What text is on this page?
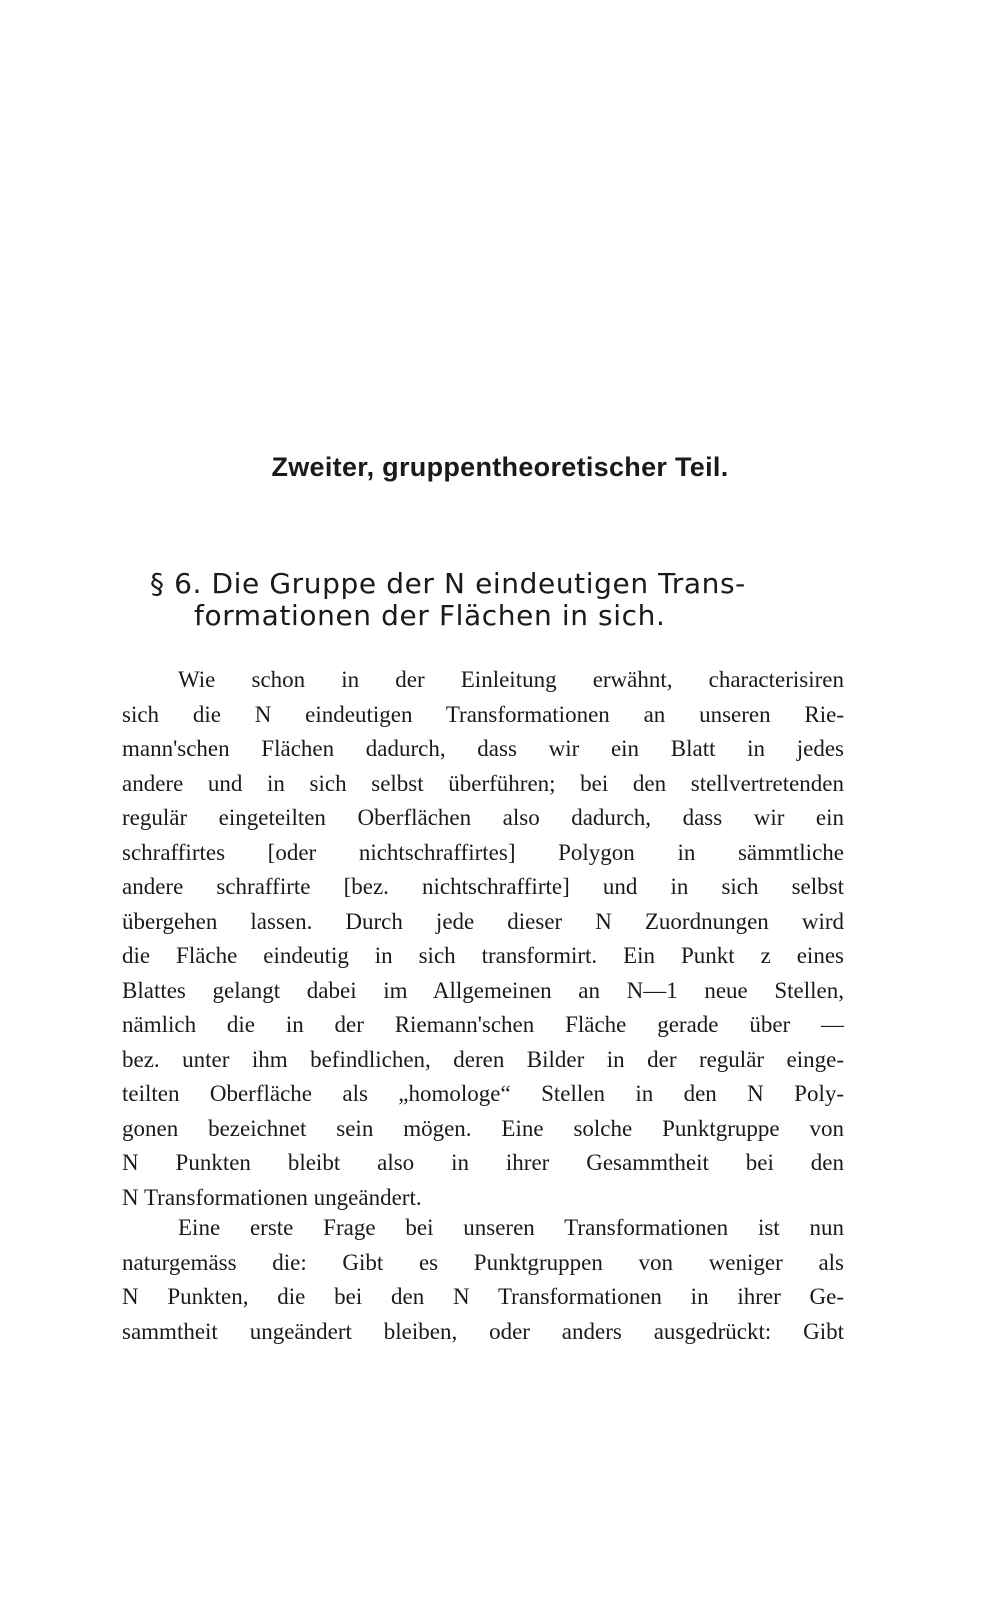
Zweiter, gruppentheoretischer Teil.
§ 6. Die Gruppe der N eindeutigen Trans-
formationen der Flächen in sich.
Wie schon in der Einleitung erwähnt, characterisiren
sich die N eindeutigen Transformationen an unseren Rie-
mann'schen Flächen dadurch, dass wir ein Blatt in jedes
andere und in sich selbst überführen; bei den stellvertretenden
regulär eingeteilten Oberflächen also dadurch, dass wir ein
schraffirtes [oder nichtschraffirtes] Polygon in sämmtliche
andere schraffirte [bez. nichtschraffirte] und in sich selbst
übergehen lassen. Durch jede dieser N Zuordnungen wird
die Fläche eindeutig in sich transformirt. Ein Punkt z eines
Blattes gelangt dabei im Allgemeinen an N—1 neue Stellen,
nämlich die in der Riemann'schen Fläche gerade über —
bez. unter ihm befindlichen, deren Bilder in der regulär einge-
teilten Oberfläche als „homologe“ Stellen in den N Poly-
gonen bezeichnet sein mögen. Eine solche Punktgruppe von
N Punkten bleibt also in ihrer Gesammtheit bei den
N Transformationen ungeändert.
Eine erste Frage bei unseren Transformationen ist nun
naturgemäss die: Gibt es Punktgruppen von weniger als
N Punkten, die bei den N Transformationen in ihrer Ge-
sammtheit ungeändert bleiben, oder anders ausgedrückt: Gibt
